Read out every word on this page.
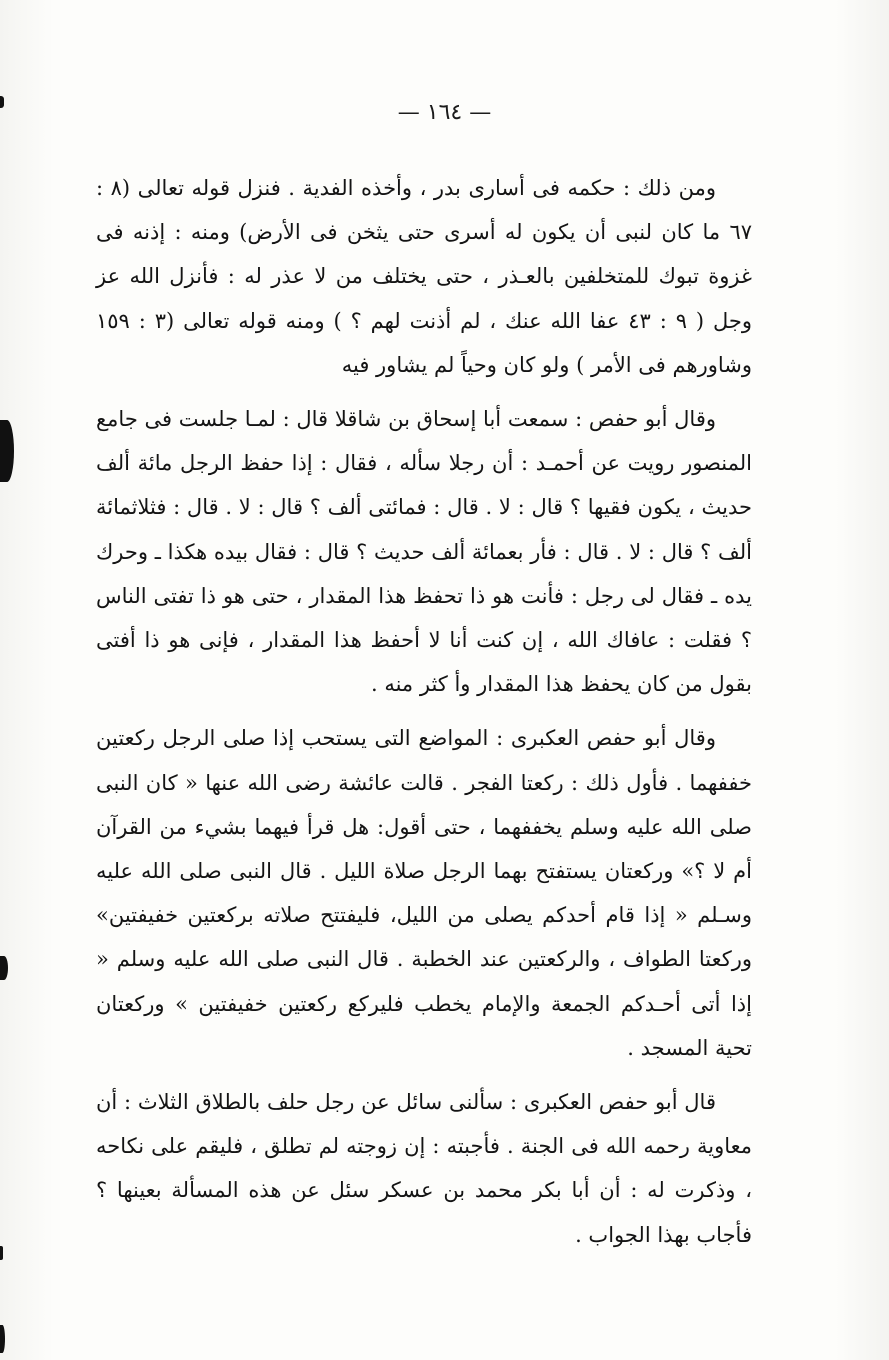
— ١٦٤ —

ومن ذلك : حكمه فى أسارى بدر ، وأخذه الفدية . فنزل قوله تعالى (٨ : ٦٧ ما كان لنبى أن يكون له أسرى حتى يثخن فى الأرض) ومنه : إذنه فى غزوة تبوك للمتخلفين بالعـذر ، حتى يختلف من لا عذر له : فأنزل الله عز وجل ( ٩ : ٤٣ عفا الله عنك ، لم أذنت لهم ؟ ) ومنه قوله تعالى (٣ : ١٥٩ وشاورهم فى الأمر ) ولو كان وحياً لم يشاور فيه

وقال أبو حفص : سمعت أبا إسحاق بن شاقلا قال : لمـا جلست فى جامع المنصور رويت عن أحمـد : أن رجلا سأله ، فقال : إذا حفظ الرجل مائة ألف حديث ، يكون فقيها ؟ قال : لا . قال : فمائتى ألف ؟ قال : لا . قال : فثلاثمائة ألف ؟ قال : لا . قال : فأر بعمائة ألف حديث ؟ قال : فقال بيده هكذا ـ وحرك يده ـ فقال لى رجل : فأنت هو ذا تحفظ هذا المقدار ، حتى هو ذا تفتى الناس ؟ فقلت : عافاك الله ، إن كنت أنا لا أحفظ هذا المقدار ، فإنى هو ذا أفتى بقول من كان يحفظ هذا المقدار وأ كثر منه .

وقال أبو حفص العكبرى : المواضع التى يستحب إذا صلى الرجل ركعتين خففهما . فأول ذلك : ركعتا الفجر . قالت عائشة رضى الله عنها « كان النبى صلى الله عليه وسلم يخففهما ، حتى أقول: هل قرأ فيهما بشيء من القرآن أم لا ؟» وركعتان يستفتح بهما الرجل صلاة الليل . قال النبى صلى الله عليه وسـلم « إذا قام أحدكم يصلى من الليل، فليفتتح صلاته بركعتين خفيفتين» وركعتا الطواف ، والركعتين عند الخطبة . قال النبى صلى الله عليه وسلم « إذا أتى أحـدكم الجمعة والإمام يخطب فليركع ركعتين خفيفتين » وركعتان تحية المسجد .

قال أبو حفص العكبرى : سألنى سائل عن رجل حلف بالطلاق الثلاث : أن معاوية رحمه الله فى الجنة . فأجبته : إن زوجته لم تطلق ، فليقم على نكاحه ، وذكرت له : أن أبا بكر محمد بن عسكر سئل عن هذه المسألة بعينها ؟ فأجاب بهذا الجواب .
